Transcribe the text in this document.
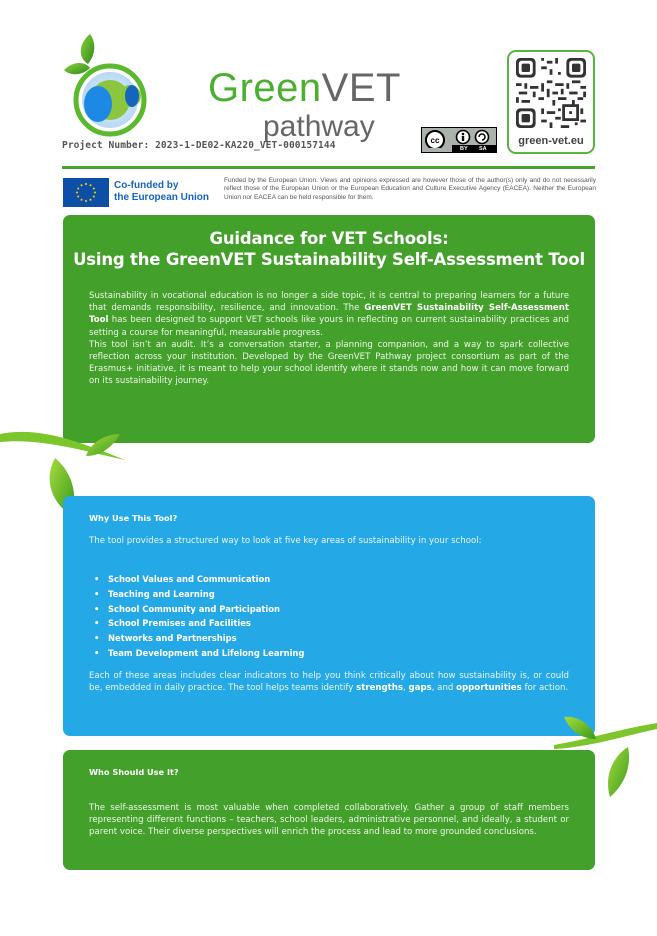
GreenVET
pathway
Project Number: 2023-1-DE02-KA220_VET-000157144	cc
BY SA
green-vet.eu
Co-funded by
the European Union
Funded by the European Union. Views and opinions expressed are however those of the author(s) only and do not necessarily reflect those of the European Union or the European Education and Culture Executive Agency (EACEA). Neither the European Union nor EACEA can be held responsible for them.
Guidance for VET Schools:
Using the GreenVET Sustainability Self-Assessment Tool
Sustainability in vocational education is no longer a side topic, it is central to preparing learners for a future that demands responsibility, resilience, and innovation. The GreenVET Sustainability Self-Assessment Tool has been designed to support VET schools like yours in reflecting on current sustainability practices and setting a course for meaningful, measurable progress.
This tool isn’t an audit. It’s a conversation starter, a planning companion, and a way to spark collective reflection across your institution. Developed by the GreenVET Pathway project consortium as part of the Erasmus+ initiative, it is meant to help your school identify where it stands now and how it can move forward on its sustainability journey.
Why Use This Tool?
The tool provides a structured way to look at five key areas of sustainability in your school:
• School Values and Communication
• Teaching and Learning
• School Community and Participation
• School Premises and Facilities
• Networks and Partnerships
• Team Development and Lifelong Learning
Each of these areas includes clear indicators to help you think critically about how sustainability is, or could be, embedded in daily practice. The tool helps teams identify strengths, gaps, and opportunities for action.
Who Should Use It?
The self-assessment is most valuable when completed collaboratively. Gather a group of staff members representing different functions – teachers, school leaders, administrative personnel, and ideally, a student or parent voice. Their diverse perspectives will enrich the process and lead to more grounded conclusions.
